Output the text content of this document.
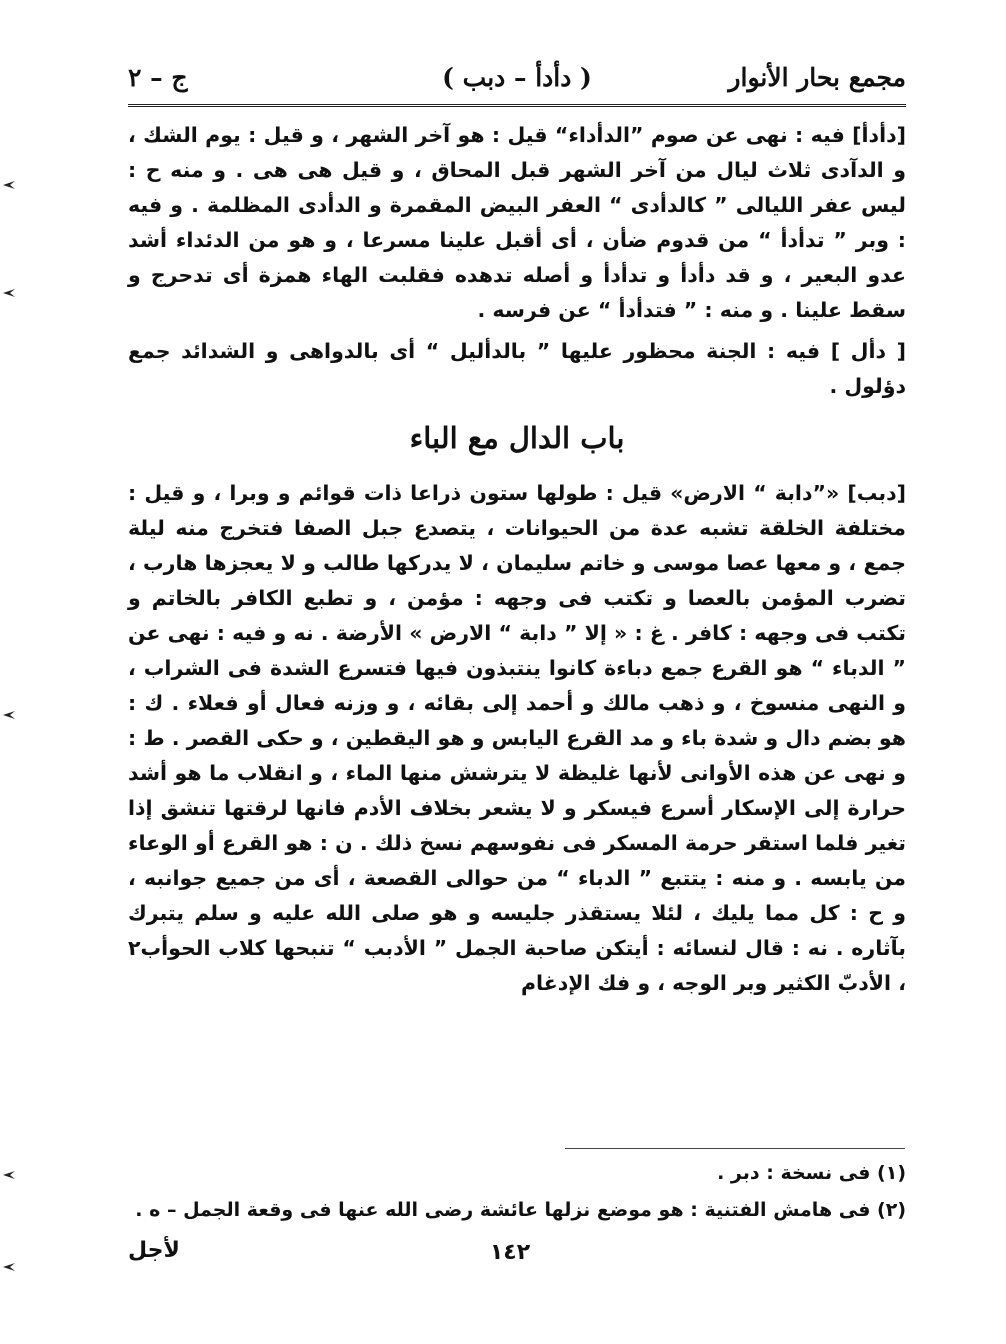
مجمع بحار الأنوار
( دأدأ – دبب )
ج – ٢

[دأدأ] فيه : نهى عن صوم ”الدأداء“ قيل : هو آخر الشهر ، و قيل : يوم الشك ، و الدآدى ثلاث ليال من آخر الشهر قبل المحاق ، و قيل هى هى . و منه ح : ليس عفر الليالى ” كالدأدى “ العفر البيض المقمرة و الدأدى المظلمة . و فيه : وبر ” تدأدأ “ من قدوم ضأن ، أى أقبل علينا مسرعا ، و هو من الدئداء أشد عدو البعير ، و قد دأدأ و تدأدأ و أصله تدهده فقلبت الهاء همزة أى تدحرج و سقط علينا . و منه : ” فتدأدأ “ عن فرسه .

[ دأل ] فيه : الجنة محظور عليها ” بالدأليل “ أى بالدواهى و الشدائد جمع دؤلول .

باب الدال مع الباء

[دبب] «”دابة “ الارض» قيل : طولها ستون ذراعا ذات قوائم و وبرا ، و قيل : مختلفة الخلقة تشبه عدة من الحيوانات ، يتصدع جبل الصفا فتخرج منه ليلة جمع ، و معها عصا موسى و خاتم سليمان ، لا يدركها طالب و لا يعجزها هارب ، تضرب المؤمن بالعصا و تكتب فى وجهه : مؤمن ، و تطبع الكافر بالخاتم و تكتب فى وجهه : كافر . غ : « إلا ” دابة “ الارض » الأرضة . نه و فيه : نهى عن ” الدباء “ هو القرع جمع دباءة كانوا ينتبذون فيها فتسرع الشدة فى الشراب ، و النهى منسوخ ، و ذهب مالك و أحمد إلى بقائه ، و وزنه فعال أو فعلاء . ك : هو بضم دال و شدة باء و مد القرع اليابس و هو اليقطين ، و حكى القصر . ط : و نهى عن هذه الأوانى لأنها غليظة لا يترشش منها الماء ، و انقلاب ما هو أشد حرارة إلى الإسكار أسرع فيسكر و لا يشعر بخلاف الأدم فانها لرقتها تنشق إذا تغير فلما استقر حرمة المسكر فى نفوسهم نسخ ذلك . ن : هو القرع أو الوعاء من يابسه . و منه : يتتبع ” الدباء “ من حوالى القصعة ، أى من جميع جوانبه ، و ح : كل مما يليك ، لئلا يستقذر جليسه و هو صلى الله عليه و سلم يتبرك بآثاره . نه : قال لنسائه : أيتكن صاحبة الجمل ” الأدبب “ تنبحها كلاب الحوأب٢ ، الأدبّ الكثير وبر الوجه ، و فك الإدغام

(١) فى نسخة : دبر .
(٢) فى هامش الفتنية : هو موضع نزلها عائشة رضى الله عنها فى وقعة الجمل – ه .
١٤٢
لأجل
